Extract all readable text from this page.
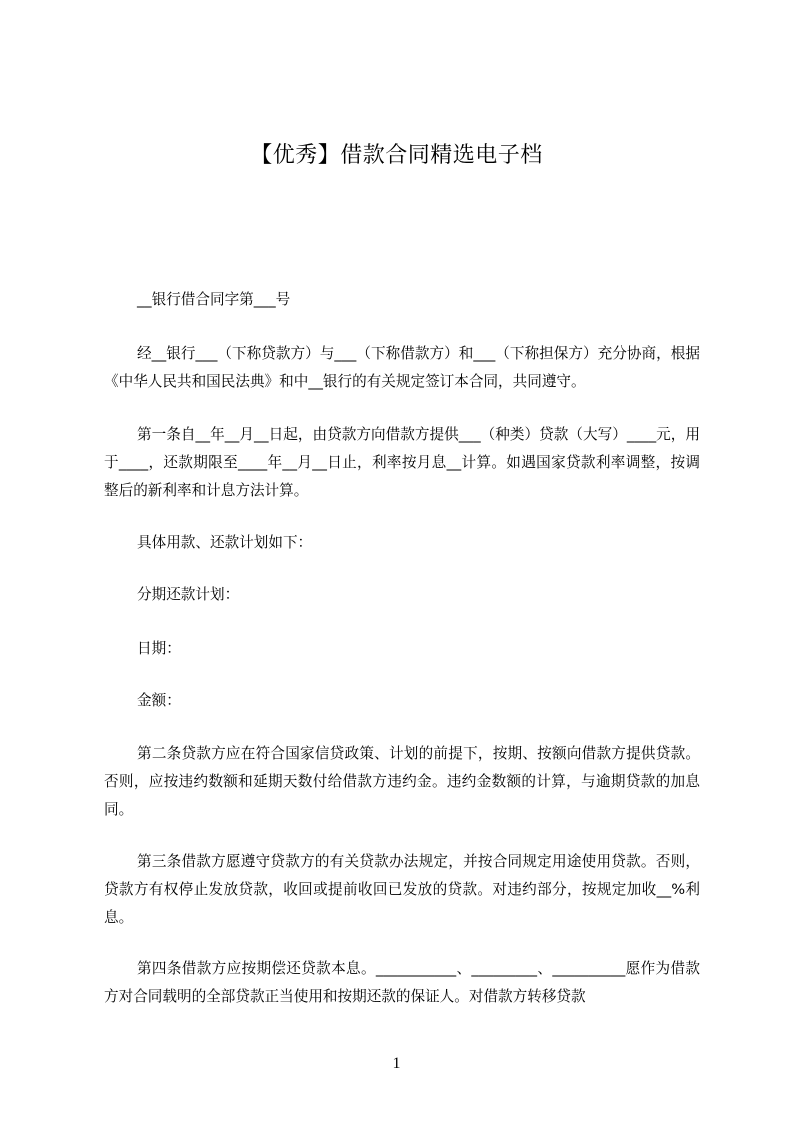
【优秀】借款合同精选电子档

__银行借合同字第___号

经__银行___（下称贷款方）与___（下称借款方）和___（下称担保方）充分协商，根据《中华人民共和国民法典》和中__银行的有关规定签订本合同，共同遵守。

第一条自__年__月__日起，由贷款方向借款方提供___（种类）贷款（大写）____元，用于____，还款期限至____年__月__日止，利率按月息__计算。如遇国家贷款利率调整，按调整后的新利率和计息方法计算。

具体用款、还款计划如下：

分期还款计划：

日期：

金额：

第二条贷款方应在符合国家信贷政策、计划的前提下，按期、按额向借款方提供贷款。否则，应按违约数额和延期天数付给借款方违约金。违约金数额的计算，与逾期贷款的加息同。

第三条借款方愿遵守贷款方的有关贷款办法规定，并按合同规定用途使用贷款。否则，贷款方有权停止发放贷款，收回或提前收回已发放的贷款。对违约部分，按规定加收__%利息。

第四条借款方应按期偿还贷款本息。___________、_________、__________愿作为借款方对合同载明的全部贷款正当使用和按期还款的保证人。对借款方转移贷款

1
